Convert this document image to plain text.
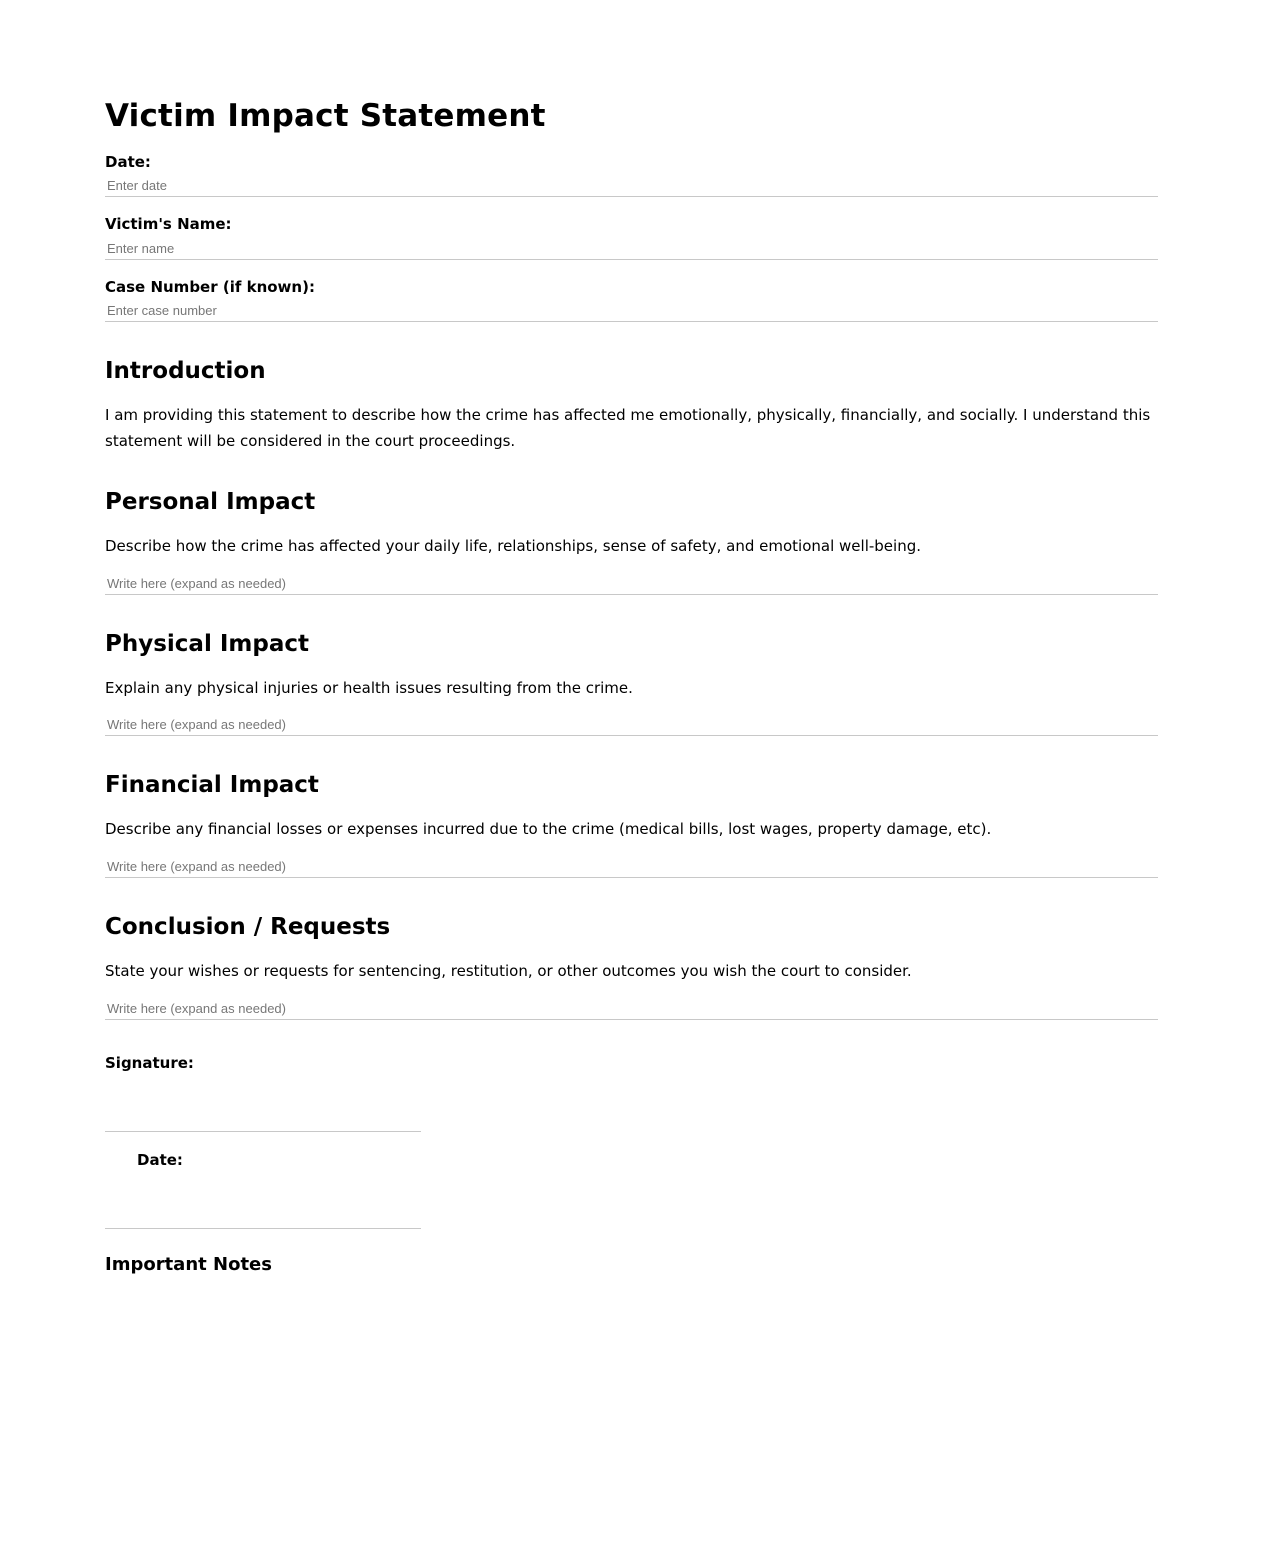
Victim Impact Statement
Date:
Enter date
Victim's Name:
Enter name
Case Number (if known):
Enter case number
Introduction

I am providing this statement to describe how the crime has affected me emotionally, physically, financially, and socially. I understand this statement will be considered in the court proceedings.

Personal Impact

Describe how the crime has affected your daily life, relationships, sense of safety, and emotional well-being.

Write here (expand as needed)
Physical Impact

Explain any physical injuries or health issues resulting from the crime.

Write here (expand as needed)
Financial Impact

Describe any financial losses or expenses incurred due to the crime (medical bills, lost wages, property damage, etc).

Write here (expand as needed)
Conclusion / Requests

State your wishes or requests for sentencing, restitution, or other outcomes you wish the court to consider.

Write here (expand as needed)
Signature:
Date:
Important Notes
